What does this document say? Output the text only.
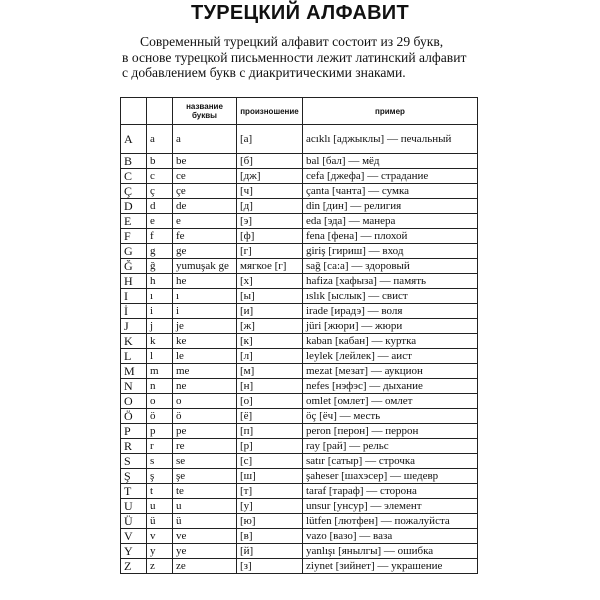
ТУРЕЦКИЙ АЛФАВИТ
Современный турецкий алфавит состоит из 29 букв,
в основе турецкой письменности лежит латинский алфавит
с добавлением букв с диакритическими знаками.
		название буквы	произношение	пример
A	a	a	[а]	acıklı [аджыклы] — печальный
B	b	be	[б]	bal [бал] — мёд
C	c	ce	[дж]	cefa [джефа] — страдание
Ç	ç	çe	[ч]	çanta [чанта] — сумка
D	d	de	[д]	din [дин] — религия
E	e	e	[э]	eda [эда] — манера
F	f	fe	[ф]	fena [фена] — плохой
G	g	ge	[г]	giriş [гириш] — вход
Ğ	ğ	yumuşak ge	мягкое [г]	sağ [са:а] — здоровый
H	h	he	[х]	hafiza [хафыза] — память
I	ı	ı	[ы]	ıslık [ыслык] — свист
İ	i	i	[и]	irade [ирадэ] — воля
J	j	je	[ж]	jüri [жюри] — жюри
K	k	ke	[к]	kaban [кабан] — куртка
L	l	le	[л]	leylek [лейлек] — аист
M	m	me	[м]	mezat [мезат] — аукцион
N	n	ne	[н]	nefes [нэфэс] — дыхание
O	o	o	[о]	omlet [омлет] — омлет
Ö	ö	ö	[ё]	öç [ёч] — месть
P	p	pe	[п]	peron [перон] — перрон
R	r	re	[р]	ray [рай] — рельс
S	s	se	[с]	satır [сатыр] — строчка
Ş	ş	şe	[ш]	şaheser [шахэсер] — шедевр
T	t	te	[т]	taraf [тараф] — сторона
U	u	u	[у]	unsur [унсур] — элемент
Ü	ü	ü	[ю]	lütfen [лютфен] — пожалуйста
V	v	ve	[в]	vazo [вазо] — ваза
Y	y	ye	[й]	yanlışı [янылгы] — ошибка
Z	z	ze	[з]	ziynet [зийнет] — украшение
